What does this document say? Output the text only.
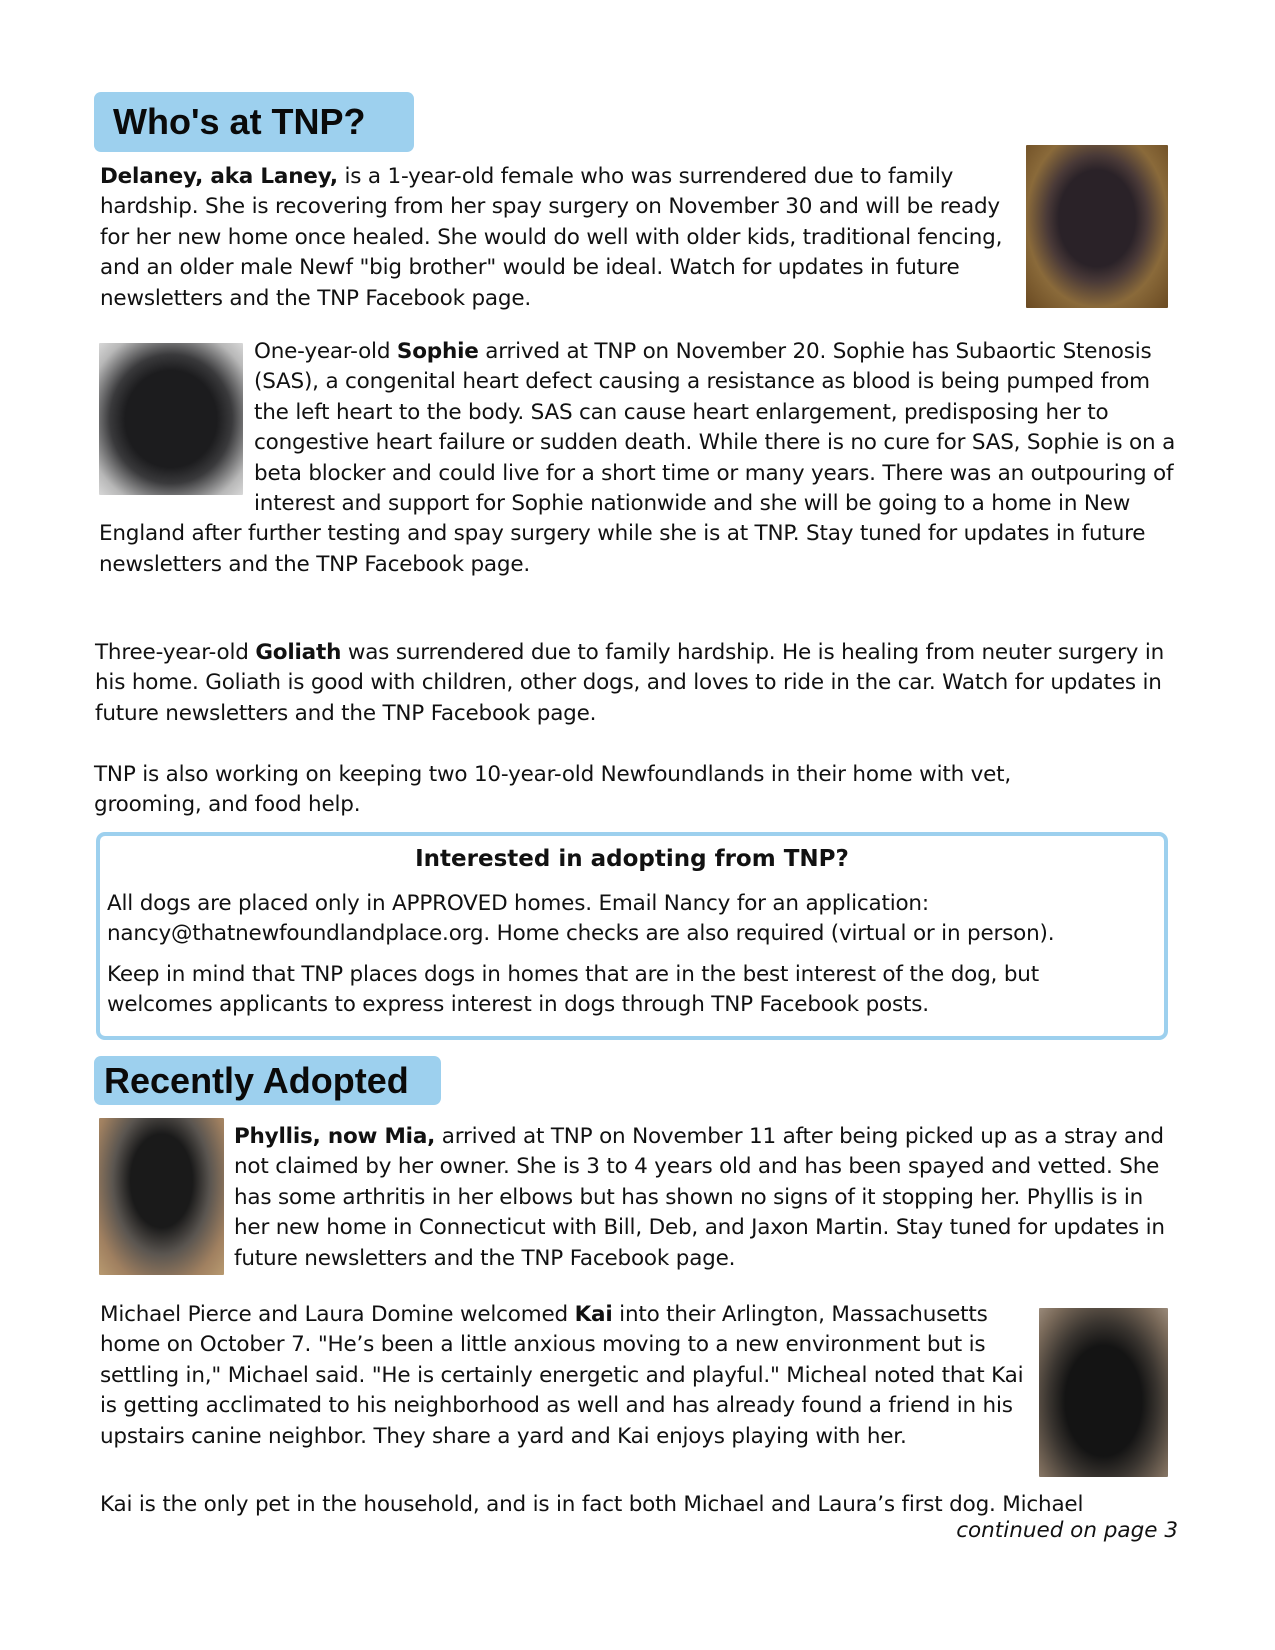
Who's at TNP?
Delaney, aka Laney, is a 1-year-old female who was surrendered due to family hardship. She is recovering from her spay surgery on November 30 and will be ready for her new home once healed. She would do well with older kids, traditional fencing, and an older male Newf "big brother" would be ideal. Watch for updates in future newsletters and the TNP Facebook page.
One-year-old Sophie arrived at TNP on November 20. Sophie has Subaortic Stenosis (SAS), a congenital heart defect causing a resistance as blood is being pumped from the left heart to the body. SAS can cause heart enlargement, predisposing her to congestive heart failure or sudden death. While there is no cure for SAS, Sophie is on a beta blocker and could live for a short time or many years. There was an outpouring of interest and support for Sophie nationwide and she will be going to a home in New England after further testing and spay surgery while she is at TNP. Stay tuned for updates in future newsletters and the TNP Facebook page.
Three-year-old Goliath was surrendered due to family hardship. He is healing from neuter surgery in his home. Goliath is good with children, other dogs, and loves to ride in the car. Watch for updates in future newsletters and the TNP Facebook page.
TNP is also working on keeping two 10-year-old Newfoundlands in their home with vet, grooming, and food help.
Interested in adopting from TNP?
All dogs are placed only in APPROVED homes. Email Nancy for an application: nancy@thatnewfoundlandplace.org. Home checks are also required (virtual or in person).
Keep in mind that TNP places dogs in homes that are in the best interest of the dog, but welcomes applicants to express interest in dogs through TNP Facebook posts.
Recently Adopted
Phyllis, now Mia, arrived at TNP on November 11 after being picked up as a stray and not claimed by her owner. She is 3 to 4 years old and has been spayed and vetted. She has some arthritis in her elbows but has shown no signs of it stopping her. Phyllis is in her new home in Connecticut with Bill, Deb, and Jaxon Martin. Stay tuned for updates in future newsletters and the TNP Facebook page.
Michael Pierce and Laura Domine welcomed Kai into their Arlington, Massachusetts home on October 7. "He’s been a little anxious moving to a new environment but is settling in," Michael said. "He is certainly energetic and playful." Micheal noted that Kai is getting acclimated to his neighborhood as well and has already found a friend in his upstairs canine neighbor. They share a yard and Kai enjoys playing with her.
Kai is the only pet in the household, and is in fact both Michael and Laura’s first dog. Michael
continued on page 3
